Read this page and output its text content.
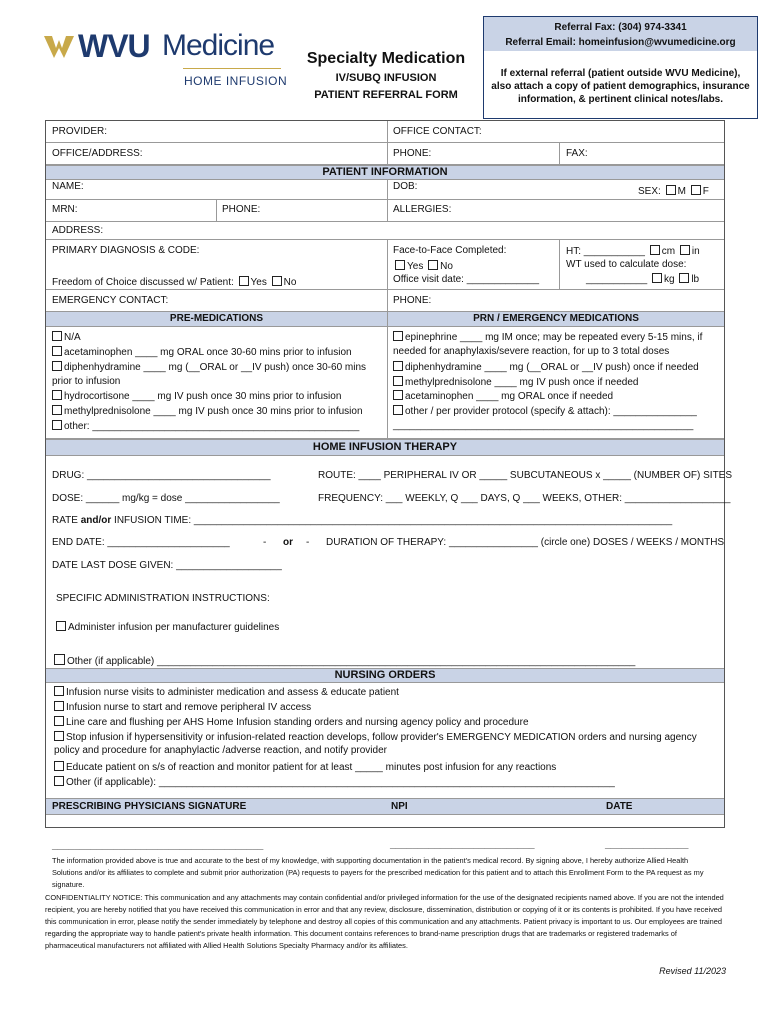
WVU Medicine
HOME INFUSION
Specialty Medication
IV/SUBQ INFUSION
PATIENT REFERRAL FORM
Referral Fax: (304) 974-3341
Referral Email: homeinfusion@wvumedicine.org
If external referral (patient outside WVU Medicine),
also attach a copy of patient demographics, insurance
information, & pertinent clinical notes/labs.
PROVIDER:	OFFICE CONTACT:
OFFICE/ADDRESS:	PHONE:	FAX:
PATIENT INFORMATION
NAME:	DOB:	SEX: M F
MRN:	PHONE:	ALLERGIES:
ADDRESS:
PRIMARY DIAGNOSIS & CODE:
Freedom of Choice discussed w/ Patient: Yes No
Face-to-Face Completed:
Yes No
Office visit date: _____________
HT: ___________ cm in
WT used to calculate dose:
___________ kg lb
EMERGENCY CONTACT:	PHONE:
PRE-MEDICATIONS	PRN / EMERGENCY MEDICATIONS
N/A
acetaminophen ____ mg ORAL once 30-60 mins prior to infusion
diphenhydramine ____ mg (__ORAL or __IV push) once 30-60 mins
prior to infusion
hydrocortisone ____ mg IV push once 30 mins prior to infusion
methylprednisolone ____ mg IV push once 30 mins prior to infusion
other: ________________________________________________
epinephrine ____ mg IM once; may be repeated every 5-15 mins, if
needed for anaphylaxis/severe reaction, for up to 3 total doses
diphenhydramine ____ mg (__ORAL or __IV push) once if needed
methylprednisolone ____ mg IV push once if needed
acetaminophen ____ mg ORAL once if needed
other / per provider protocol (specify & attach): _______________
______________________________________________________
HOME INFUSION THERAPY
DRUG: _________________________________	ROUTE: ____ PERIPHERAL IV OR _____ SUBCUTANEOUS x _____ (NUMBER OF) SITES
DOSE: ______ mg/kg = dose _________________	FREQUENCY: ___ WEEKLY, Q ___ DAYS, Q ___ WEEKS, OTHER: ___________________
RATE and/or INFUSION TIME: ______________________________________________________________________________________
END DATE: ______________________	- or - DURATION OF THERAPY: ________________ (circle one) DOSES / WEEKS / MONTHS
DATE LAST DOSE GIVEN: ___________________
SPECIFIC ADMINISTRATION INSTRUCTIONS:
Administer infusion per manufacturer guidelines
Other (if applicable) ______________________________________________________________________________________
NURSING ORDERS
Infusion nurse visits to administer medication and assess & educate patient
Infusion nurse to start and remove peripheral IV access
Line care and flushing per AHS Home Infusion standing orders and nursing agency policy and procedure
Stop infusion if hypersensitivity or infusion-related reaction develops, follow provider's EMERGENCY MEDICATION orders and nursing agency
policy and procedure for anaphylactic /adverse reaction, and notify provider
Educate patient on s/s of reaction and monitor patient for at least _____ minutes post infusion for any reactions
Other (if applicable): __________________________________________________________________________________
PRESCRIBING PHYSICIANS SIGNATURE	NPI	DATE
______________________________________	__________________________	_______________
The information provided above is true and accurate to the best of my knowledge, with supporting documentation in the patient's medical record. By signing above, I hereby authorize Allied Health Solutions and/or its affiliates to complete and submit prior authorization (PA) requests to payers for the prescribed medication for this patient and to attach this Enrollment Form to the PA request as my signature.
CONFIDENTIALITY NOTICE: This communication and any attachments may contain confidential and/or privileged information for the use of the designated recipients named above. If you are not the intended recipient, you are hereby notified that you have received this communication in error and that any review, disclosure, dissemination, distribution or copying of it or its contents is prohibited. If you have received this communication in error, please notify the sender immediately by telephone and destroy all copies of this communication and any attachments. Patient privacy is important to us. Our employees are trained regarding the appropriate way to handle patient's private health information. This document contains references to brand-name prescription drugs that are trademarks or registered trademarks of pharmaceutical manufacturers not affiliated with Allied Health Solutions Specialty Pharmacy and/or its affiliates.
Revised 11/2023
